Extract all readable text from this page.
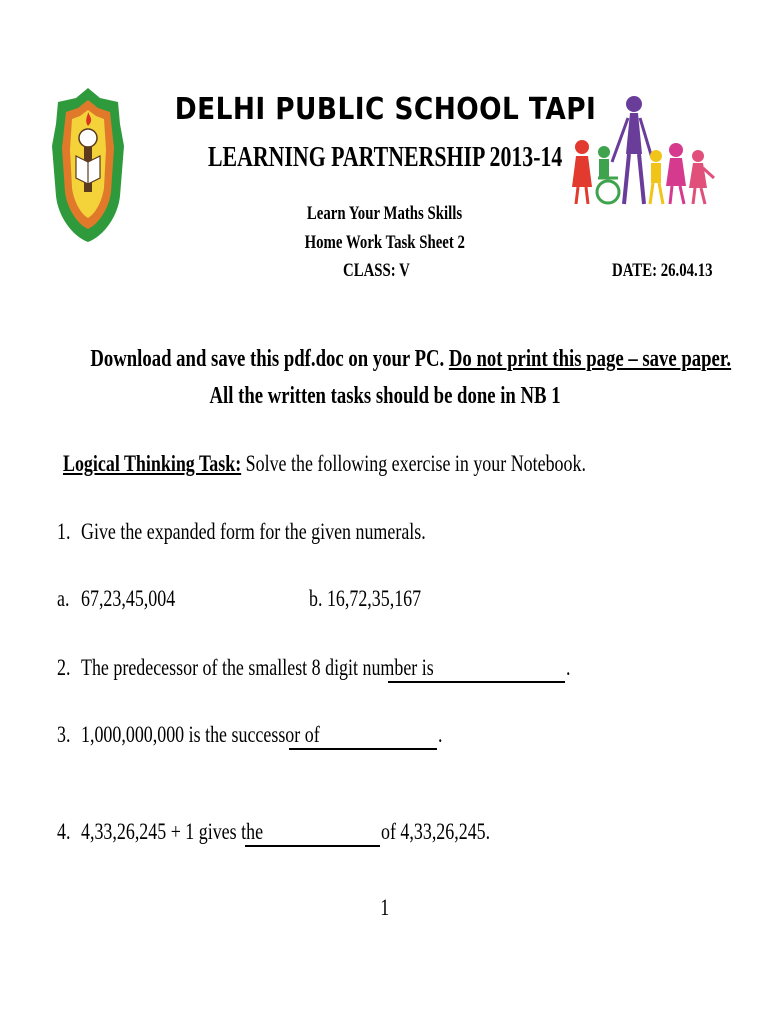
DELHI PUBLIC SCHOOL TAPI
LEARNING PARTNERSHIP 2013-14
Learn Your Maths Skills
Home Work Task Sheet 2
CLASS: V	DATE: 26.04.13
Download and save this pdf.doc on your PC. Do not print this page – save paper.
All the written tasks should be done in NB 1
Logical Thinking Task: Solve the following exercise in your Notebook.
1. Give the expanded form for the given numerals.
a. 67,23,45,004	b. 16,72,35,167
2. The predecessor of the smallest 8 digit number is	.
3. 1,000,000,000 is the successor of	.
4. 4,33,26,245 + 1 gives the	of 4,33,26,245.
1
